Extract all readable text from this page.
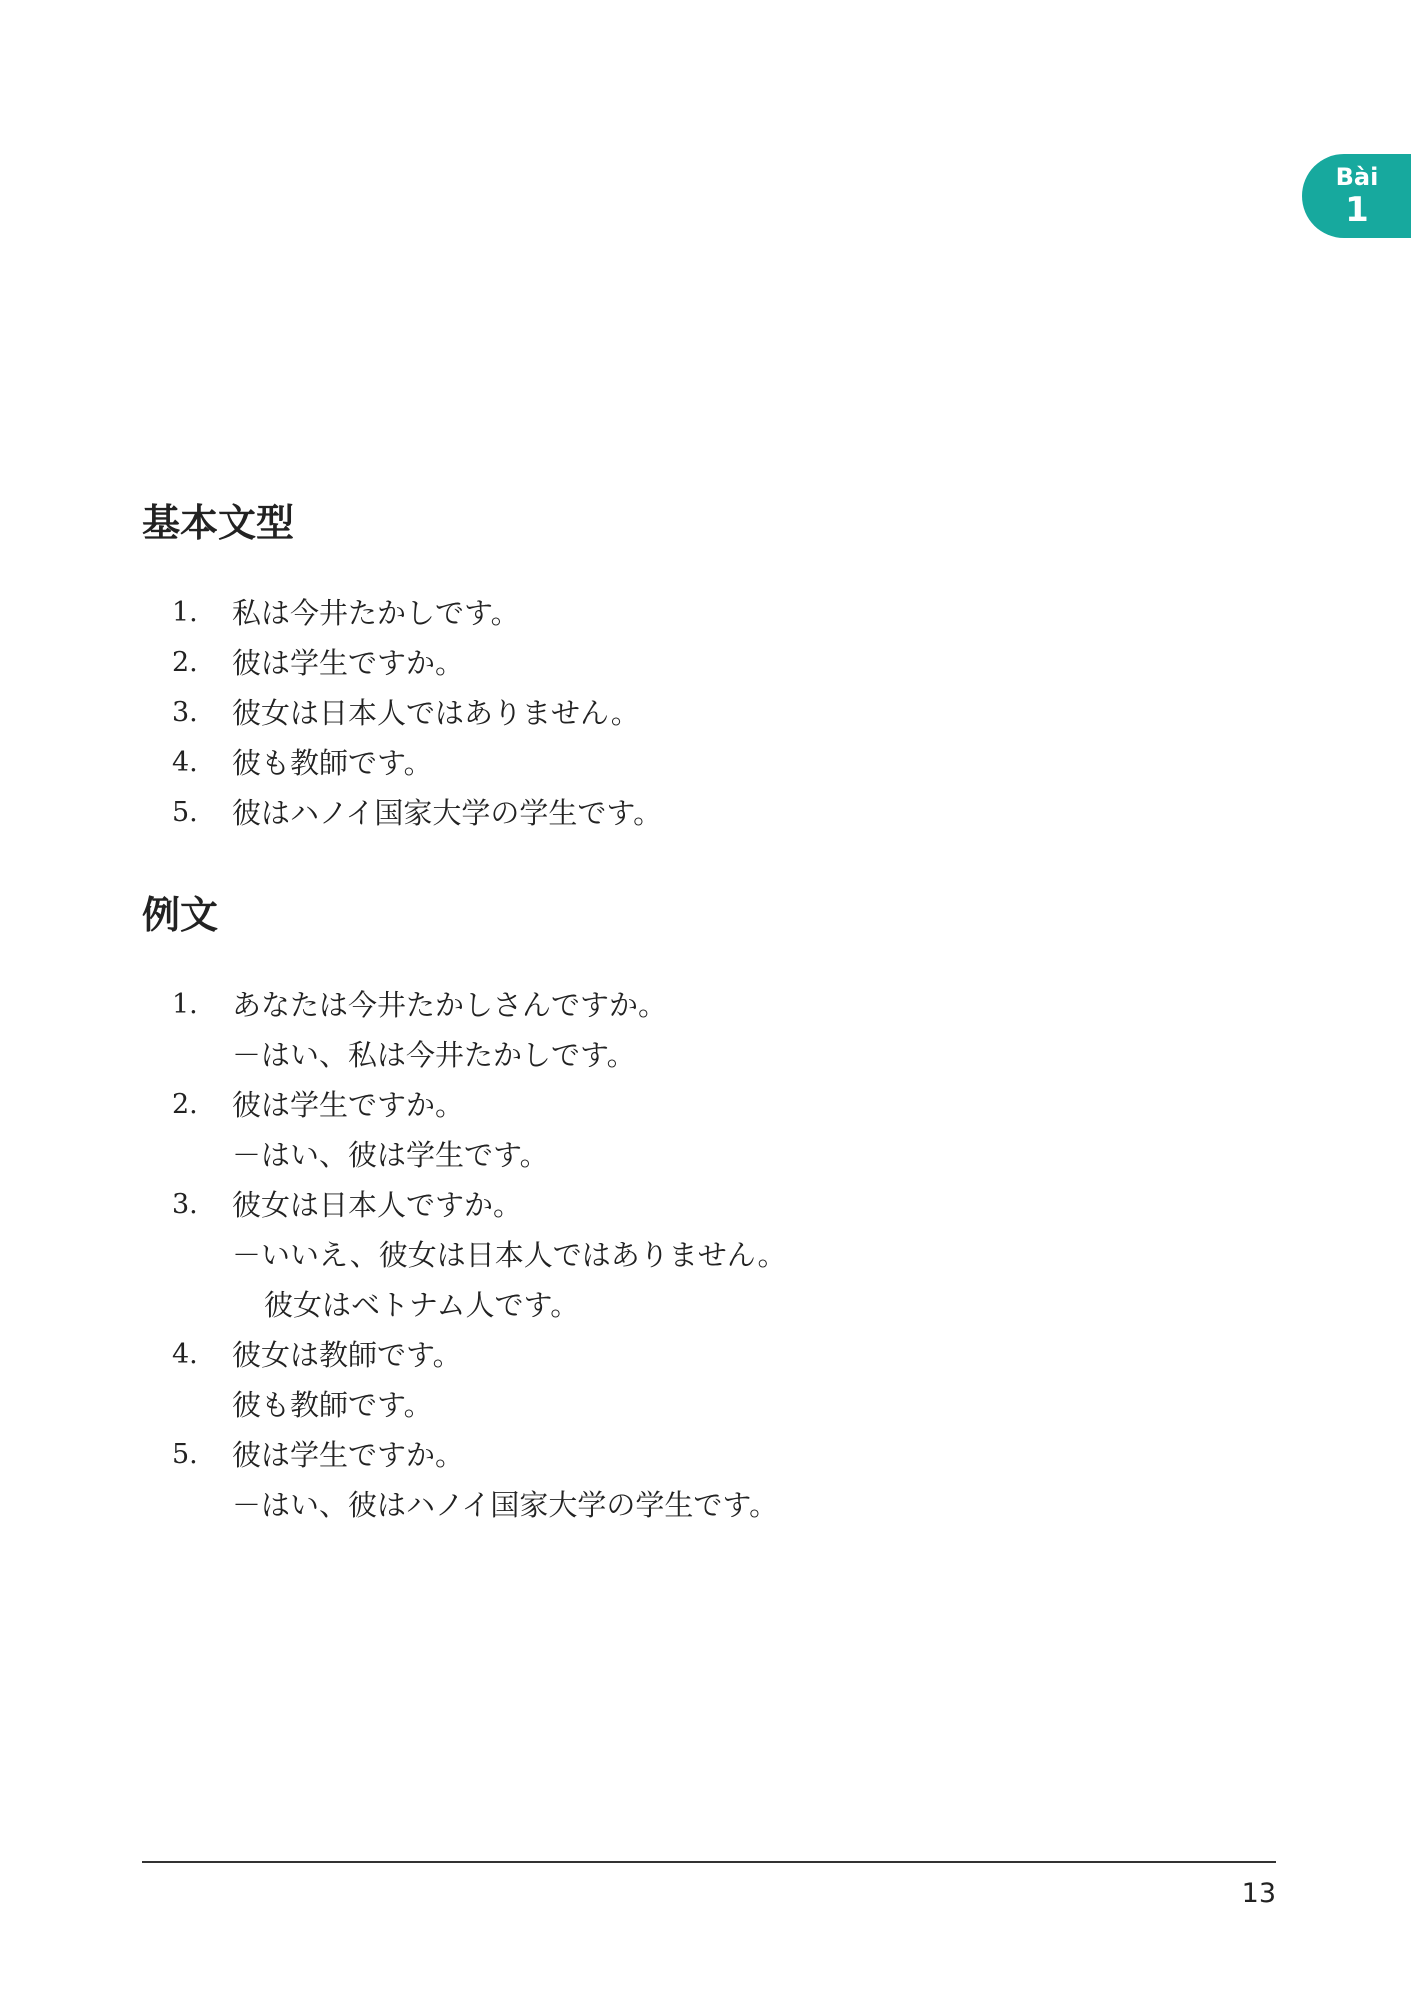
Bài
1
基本文型
1.	私は今井たかしです。
2.	彼は学生ですか。
3.	彼女は日本人ではありません。
4.	彼も教師です。
5.	彼はハノイ国家大学の学生です。
例文
1.	あなたは今井たかしさんですか。
－はい、私は今井たかしです。
2.	彼は学生ですか。
－はい、彼は学生です。
3.	彼女は日本人ですか。
－いいえ、彼女は日本人ではありません。
彼女はベトナム人です。
4.	彼女は教師です。
彼も教師です。
5.	彼は学生ですか。
－はい、彼はハノイ国家大学の学生です。
13
